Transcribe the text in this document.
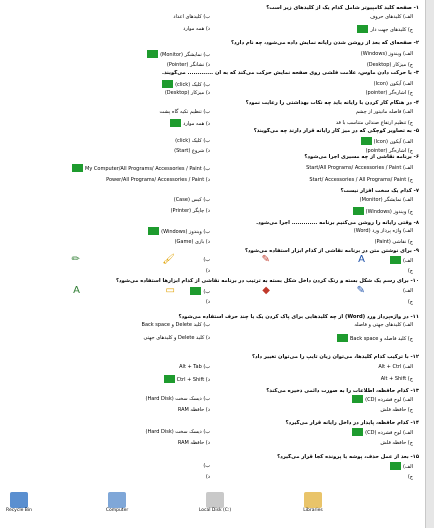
۱- صفحه کلید کامپیوتر شامل کدام یک از کلیدهای زیر است؟
الف) کلیدهای حروف
ب) کلیدهای اعداد
ج) کلیدهای جهت دار
د) همه موارد
۲- صفحه‌ای که بعد از روشن شدن رایانه نمایش داده می‌شود، چه نام دارد؟
الف) ویندوز (Windows)
ب) نمایشگر (Monitor)
ج) میزکار (Desktop)
د) نشانگر (Pointer)
۳- با حرکت دادن ماوس، علامت فلشی روی صفحه نمایش حرکت می‌کند که به آن ............. می‌گویند.
الف) آیکون (Icon)
ب) کلیک (click)
ج) اشاره‌گر (pointer)
د) میزکار (Desktop)
۴- در هنگام کار کردن با رایانه باید چه نکات بهداشتی را رعایت نمود؟
الف) فاصله مانیتور از چشم
ب) تنظیم تکیه گاه پشت
ج) تنظیم ارتفاع صندلی متناسب با قد
د) همه موارد
۵- به تصاویر کوچکی که در میز کار رایانه قرار دارند چه می‌گویند؟
الف) آیکون (Icon)
ب) کلیک (click)
ج) اشاره‌گر (pointer)
د) شروع (Start)
۶- برنامه نقاشی از چه مسیری اجرا می‌شود؟
الف) Start/All Programs/ Accessories / Paint
ب) My Computer/All Programs/ Accessories / Paint
ج) Start/ Accessories / All Programs/ Paint
د) Power/All Programs/ Accessories / Paint
۷- کدام یک سخت افزار نیست؟
الف) نمایشگر (Monitor)
ب) کیس (Case)
ج) ویندوز (Windows)
د) چاپگر (Printer)
۸- وقتی رایانه را روشن می‌کنیم برنامه ............. اجرا می‌شود.
الف) واژه پرداز ورد (Word)
ب) ویندوز (Windows)
ج) نقاشی (Paint)
د) بازی (Game)
۹- برای نوشتن متن در برنامه نقاشی از کدام ابزار استفاده می‌شود؟
الف)
ب)
ج)
د)
۱۰- برای رسم یک شکل بسته و رنگ کردن داخل شکل بسته به ترتیب در برنامه نقاشی از کدام ابزارها استفاده می‌شود؟
الف)
ب)
ج)
د)
۱۱- در واژه‌پرداز ورد (Word) از چه کلیدهایی برای پاک کردن یک یا چند حرف استفاده می‌شود؟
الف) کلیدهای جهتی و فاصله
ب) کلید Delete و Back space
ج) کلید فاصله و Back space
د) کلید Delete و کلیدهای جهتی
۱۲- با ترکیب کدام کلیدها، می‌توان زبان تایپ را می‌توان تغییر داد؟
الف) Alt + Ctrl
ب) Alt + Tab
ج) Alt + Shift
د) Ctrl + Shift
۱۳- کدام حافظه، اطلاعات را به صورت دائمی ذخیره می‌کند؟
الف) لوح فشرده (CD)
ب) دیسک سخت (Hard Disk)
ج) حافظه فلش
د) حافظه RAM
۱۴- کدام حافظه، پایدار در داخل رایانه قرار می‌گیرد؟
الف) لوح فشرده (CD)
ب) دیسک سخت (Hard Disk)
ج) حافظه فلش
د) حافظه RAM
۱۵- بعد از عمل حذف، پوشه یا پرونده کجا قرار می‌گیرد؟
الف)
ب)
ج)
د)
A
✎
🖌
✏
✎
◆
▭
A
Recycle Bin	Computer	Local Disk (C:)	Libraries
